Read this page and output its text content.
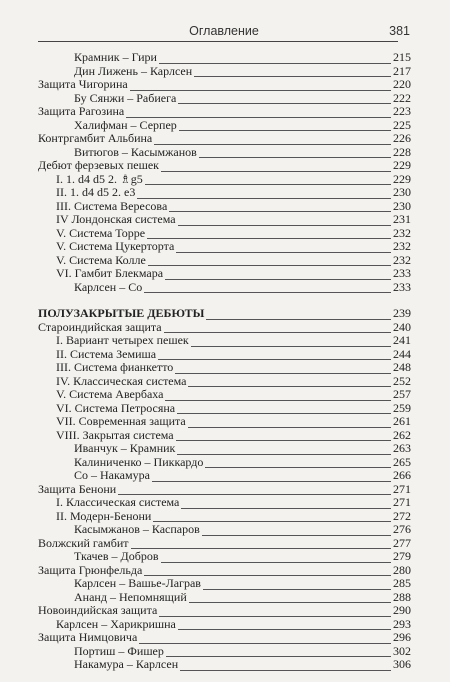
Оглавление	381
Крамник – Гири	215
Дин Лижень – Карлсен	217
Защита Чигорина	220
Бу Сянжи – Рабиега	222
Защита Рагозина	223
Халифман – Серпер	225
Контргамбит Альбина	226
Витюгов – Касымжанов	228
Дебют ферзевых пешек	229
I. 1. d4 d5 2. ♗g5	229
II. 1. d4 d5 2. e3	230
III. Система Вересова	230
IV Лондонская система	231
V. Система Торре	232
V. Система Цукерторта	232
V. Система Колле	232
VI. Гамбит Блекмара	233
Карлсен – Со	233
ПОЛУЗАКРЫТЫЕ ДЕБЮТЫ	239
Староиндийская защита	240
I. Вариант четырех пешек	241
II. Система Земиша	244
III. Система фианкетто	248
IV. Классическая система	252
V. Система Авербаха	257
VI. Система Петросяна	259
VII. Современная защита	261
VIII. Закрытая система	262
Иванчук – Крамник	263
Калиниченко – Пиккардо	265
Со – Накамура	266
Защита Бенони	271
I. Классическая система	271
II. Модерн-Бенони	272
Касымжанов – Каспаров	276
Волжский гамбит	277
Ткачев – Добров	279
Защита Грюнфельда	280
Карлсен – Вашье-Лаграв	285
Ананд – Непомнящий	288
Новоиндийская защита	290
Карлсен – Харикришна	293
Защита Нимцовича	296
Портиш – Фишер	302
Накамура – Карлсен	306
